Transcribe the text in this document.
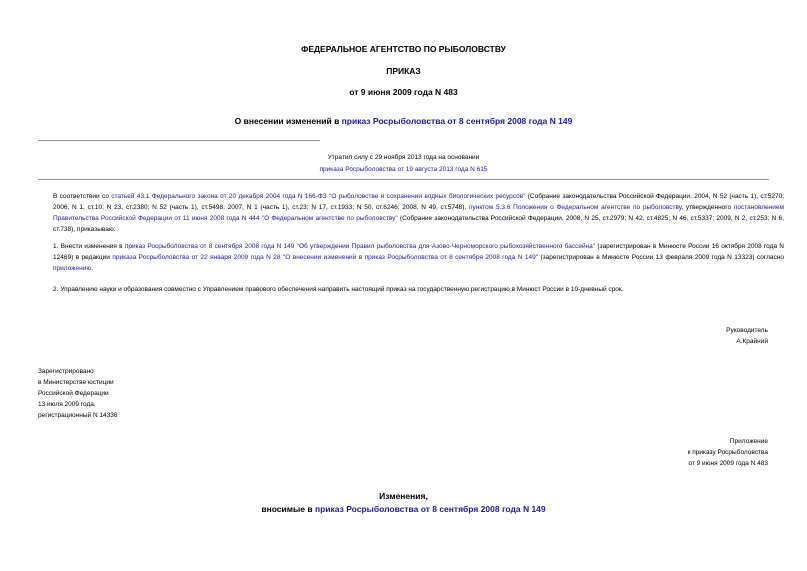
ФЕДЕРАЛЬНОЕ АГЕНТСТВО ПО РЫБОЛОВСТВУ
ПРИКАЗ
от 9 июня 2009 года N 483
О внесении изменений в приказ Росрыболовства от 8 сентября 2008 года N 149
Утратил силу с 29 ноября 2013 года на основании
приказа Росрыболовства от 19 августа 2013 года N 615
В соответствии со статьей 43.1 Федерального закона от 20 декабря 2004 года N 166-ФЗ "О рыболовстве и сохранении водных биологических ресурсов" (Собрание законодательства Российской Федерации, 2004, N 52 (часть 1), ст.5270; 2006, N 1, ст.10; N 23, ст.2380; N 52 (часть 1), ст.5498; 2007, N 1 (часть 1), ст.23; N 17, ст.1933; N 50, ст.6246; 2008, N 49, ст.5748), пунктом 5.3.6 Положения о Федеральном агентстве по рыболовству, утвержденного постановлением Правительства Российской Федерации от 11 июня 2008 года N 444 "О Федеральном агентстве по рыболовству" (Собрание законодательства Российской Федерации, 2008, N 25, ст.2979; N 42, ст.4825; N 46, ст.5337; 2009, N 2, ст.253; N 6, ст.738), приказываю:
1. Внести изменения в приказ Росрыболовства от 8 сентября 2008 года N 149 "Об утверждении Правил рыболовства для Азово-Черноморского рыбохозяйственного бассейна" (зарегистрирован в Минюсте России 16 октября 2008 года N 12469) в редакции приказа Росрыболовства от 22 января 2009 года N 28 "О внесении изменений в приказ Росрыболовства от 8 сентября 2008 года N 149" (зарегистрирован в Минюсте России 13 февраля 2009 года N 13323) согласно приложению.
2. Управлению науки и образования совместно с Управлением правового обеспечения направить настоящий приказ на государственную регистрацию в Минюст России в 10-дневный срок.
Руководитель
А.Крайний
Зарегистрировано
в Министерстве юстиции
Российской Федерации
13 июля 2009 года,
регистрационный N 14336
Приложение
к приказу Росрыболовства
от 9 июня 2009 года N 483
Изменения,
вносимые в приказ Росрыболовства от 8 сентября 2008 года N 149
